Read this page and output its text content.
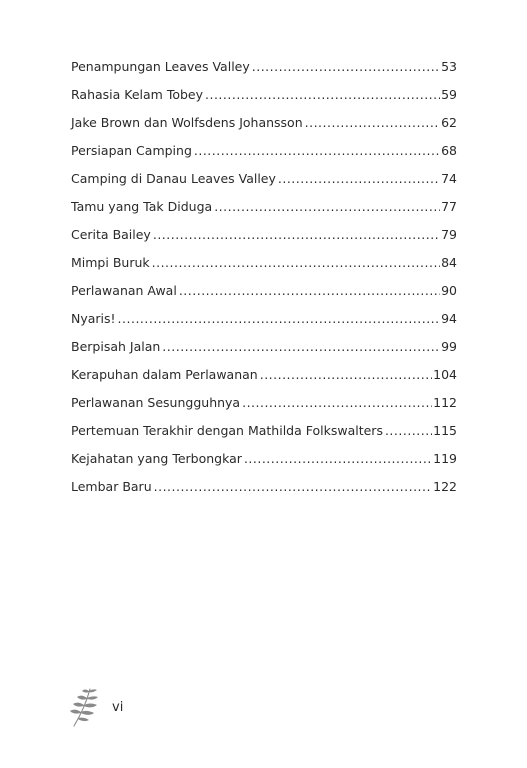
Penampungan Leaves Valley .....	53
Rahasia Kelam Tobey .....	59
Jake Brown dan Wolfsdens Johansson .....	62
Persiapan Camping .....	68
Camping di Danau Leaves Valley .....	74
Tamu yang Tak Diduga .....	77
Cerita Bailey .....	79
Mimpi Buruk .....	84
Perlawanan Awal .....	90
Nyaris! .....	94
Berpisah Jalan .....	99
Kerapuhan dalam Perlawanan .....	104
Perlawanan Sesungguhnya .....	112
Pertemuan Terakhir dengan Mathilda Folkswalters .....	115
Kejahatan yang Terbongkar .....	119
Lembar Baru .....	122
vi
